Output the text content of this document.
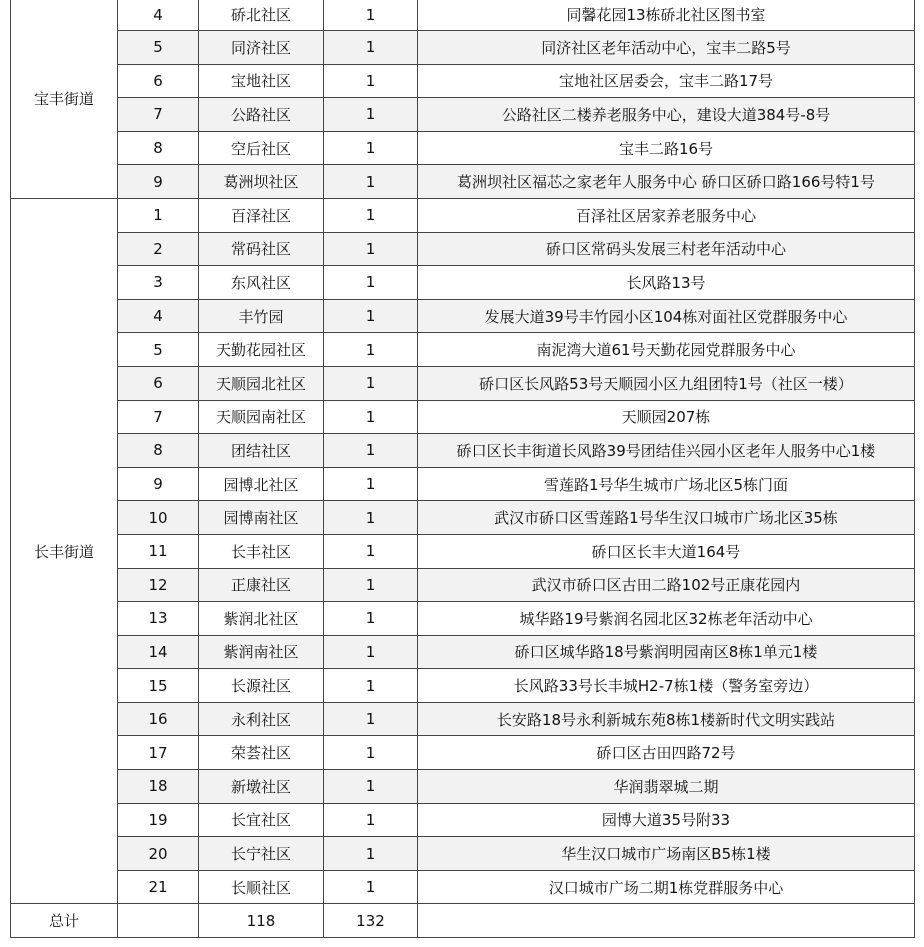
宝丰街道	4	硚北社区	1	同馨花园13栋硚北社区图书室
	5	同济社区	1	同济社区老年活动中心，宝丰二路5号
	6	宝地社区	1	宝地社区居委会，宝丰二路17号
	7	公路社区	1	公路社区二楼养老服务中心，建设大道384号-8号
	8	空后社区	1	宝丰二路16号
	9	葛洲坝社区	1	葛洲坝社区福芯之家老年人服务中心 硚口区硚口路166号特1号
长丰街道	1	百泽社区	1	百泽社区居家养老服务中心
	2	常码社区	1	硚口区常码头发展三村老年活动中心
	3	东风社区	1	长风路13号
	4	丰竹园	1	发展大道39号丰竹园小区104栋对面社区党群服务中心
	5	天勤花园社区	1	南泥湾大道61号天勤花园党群服务中心
	6	天顺园北社区	1	硚口区长风路53号天顺园小区九组团特1号（社区一楼）
	7	天顺园南社区	1	天顺园207栋
	8	团结社区	1	硚口区长丰街道长风路39号团结佳兴园小区老年人服务中心1楼
	9	园博北社区	1	雪莲路1号华生城市广场北区5栋门面
	10	园博南社区	1	武汉市硚口区雪莲路1号华生汉口城市广场北区35栋
	11	长丰社区	1	硚口区长丰大道164号
	12	正康社区	1	武汉市硚口区古田二路102号正康花园内
	13	紫润北社区	1	城华路19号紫润名园北区32栋老年活动中心
	14	紫润南社区	1	硚口区城华路18号紫润明园南区8栋1单元1楼
	15	长源社区	1	长风路33号长丰城H2-7栋1楼（警务室旁边）
	16	永利社区	1	长安路18号永利新城东苑8栋1楼新时代文明实践站
	17	荣荟社区	1	硚口区古田四路72号
	18	新墩社区	1	华润翡翠城二期
	19	长宜社区	1	园博大道35号附33
	20	长宁社区	1	华生汉口城市广场南区B5栋1楼
	21	长顺社区	1	汉口城市广场二期1栋党群服务中心
总计		118	132	
